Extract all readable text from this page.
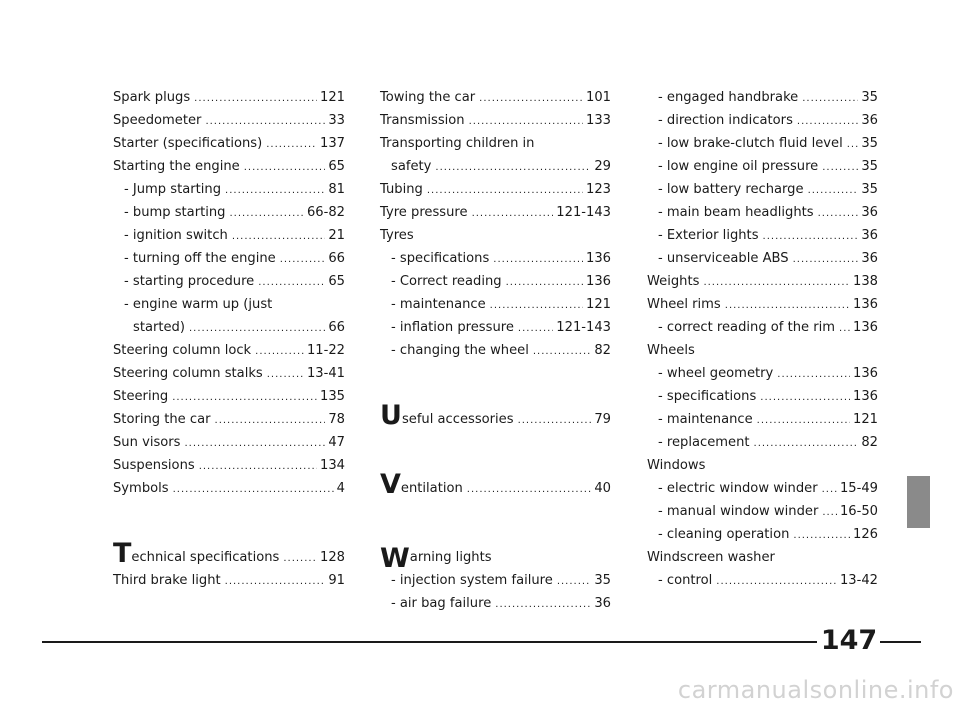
Spark plugs .....	121
Speedometer .....	33
Starter (specifications) .....	137
Starting the engine .....	65
- Jump starting .....	81
- bump starting .....	66-82
- ignition switch .....	21
- turning off the engine .....	66
- starting procedure .....	65
- engine warm up (just
started) .....	66
Steering column lock .....	11-22
Steering column stalks .....	13-41
Steering .....	135
Storing the car .....	78
Sun visors .....	47
Suspensions .....	134
Symbols .....	4
Technical specifications .....	128
Third brake light .....	91
Towing the car .....	101
Transmission .....	133
Transporting children in
safety .....	29
Tubing .....	123
Tyre pressure .....	121-143
Tyres
- specifications .....	136
- Correct reading .....	136
- maintenance .....	121
- inflation pressure .....	121-143
- changing the wheel .....	82
Useful accessories .....	79
Ventilation .....	40
W arning lights
- injection system failure .....	35
- air bag failure .....	36
- engaged handbrake .....	35
- direction indicators .....	36
- low brake-clutch fluid level ..... 35
- low engine oil pressure .....	35
- low battery recharge .....	35
- main beam headlights .....	36
- Exterior lights .....	36
- unserviceable ABS .....	36
Weights .....	138
Wheel rims .....	136
- correct reading of the rim ..... 136
Wheels
- wheel geometry .....	136
- specifications .....	136
- maintenance .....	121
- replacement .....	82
Windows
- electric window winder ..... 15-49
- manual window winder ..... 16-50
- cleaning operation .....	126
Windscreen washer
- control .....	13-42
147
carmanualsonline.info
